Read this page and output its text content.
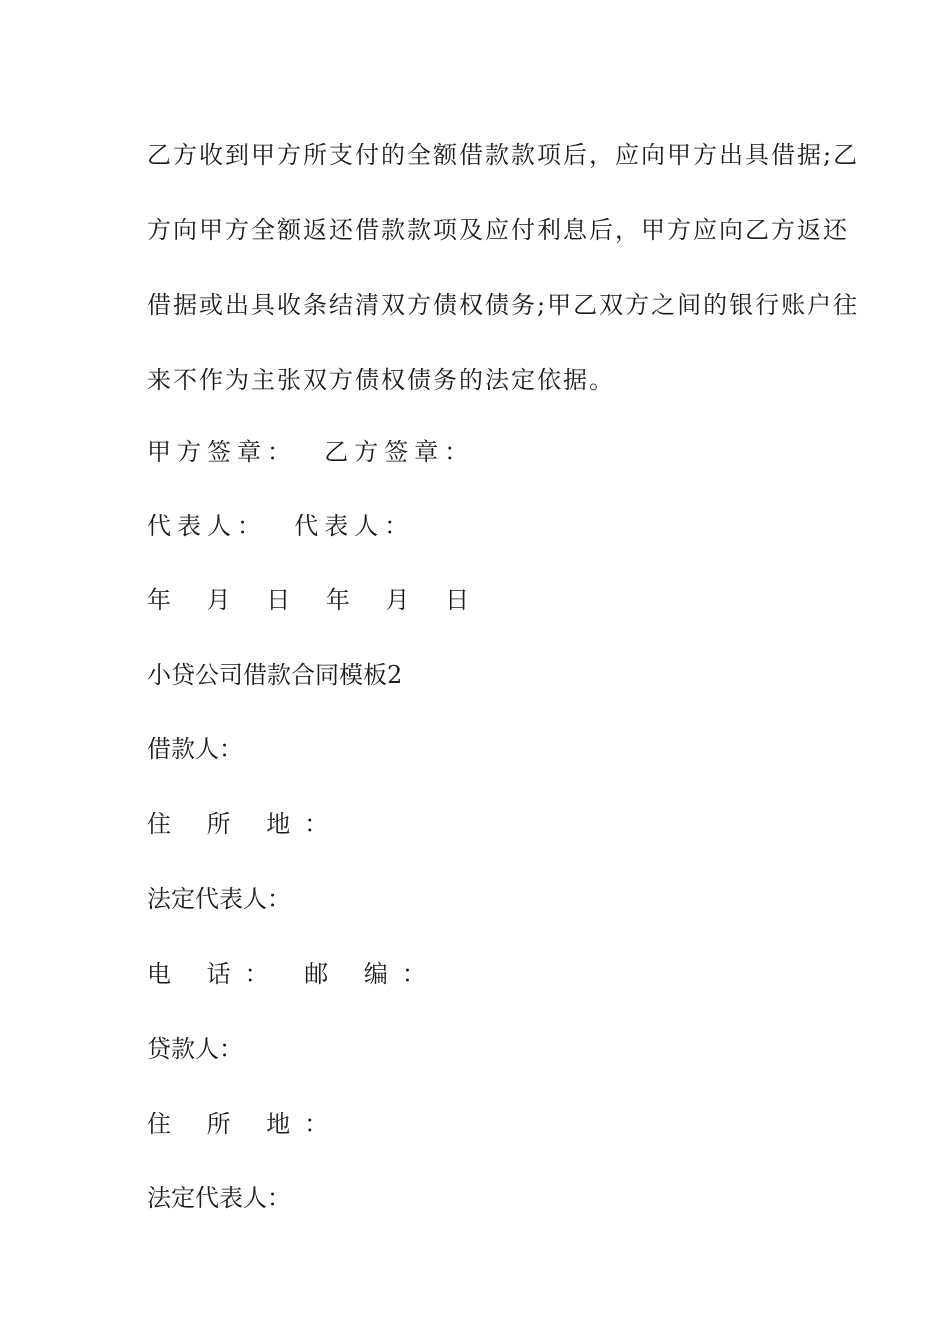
乙方收到甲方所支付的全额借款款项后，应向甲方出具借据;乙
方向甲方全额返还借款款项及应付利息后，甲方应向乙方返还
借据或出具收条结清双方债权债务;甲乙双方之间的银行账户往
来不作为主张双方债权债务的法定依据。
甲方签章：  乙方签章：
代表人：  代表人：
年 月 日 年 月 日
小贷公司借款合同模板2
借款人：
住 所 地：
法定代表人：
电 话： 邮 编：
贷款人：
住 所 地：
法定代表人：
